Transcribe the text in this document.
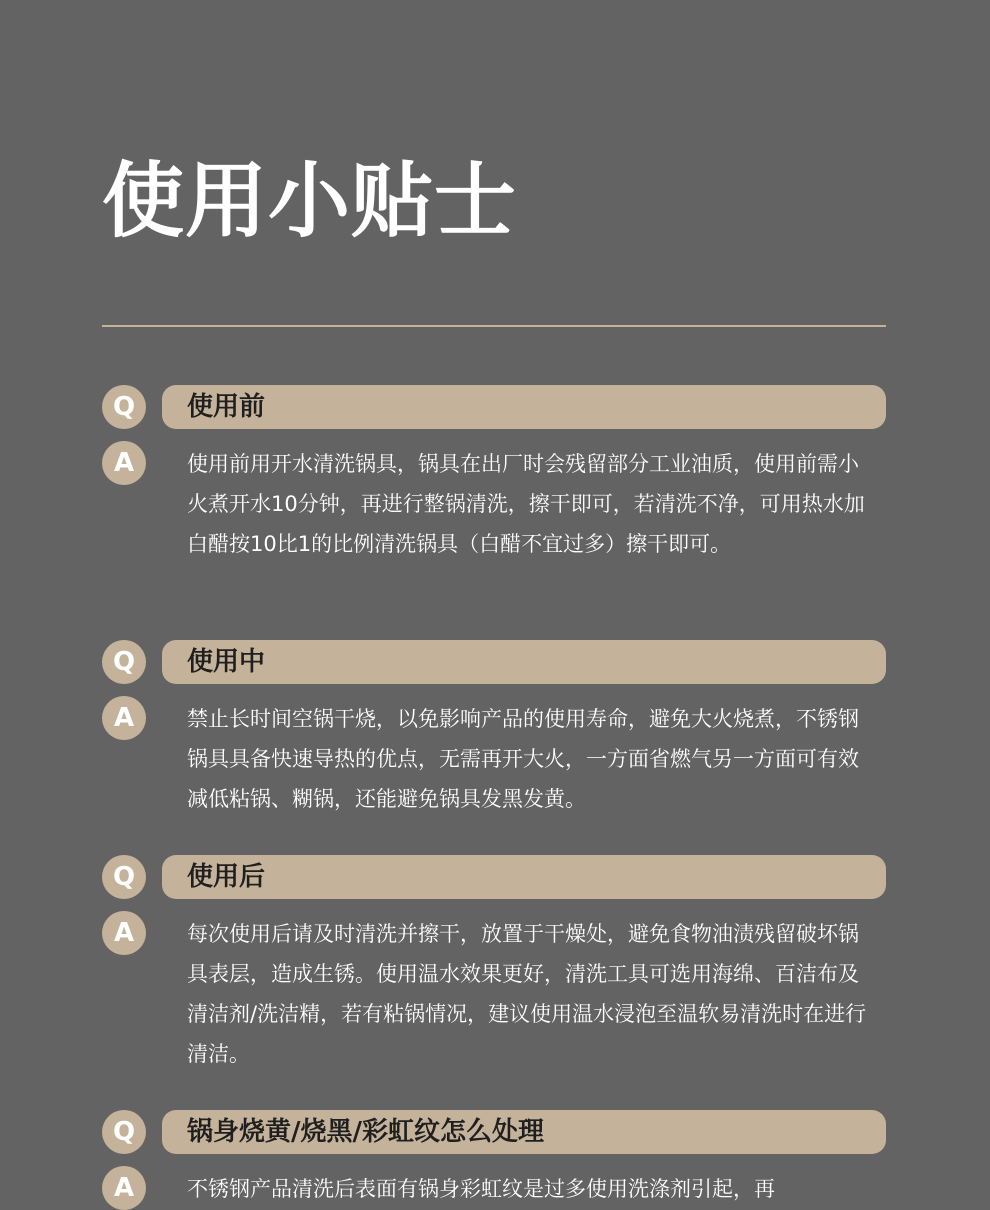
使用小贴士
Q	使用前
A	使用前用开水清洗锅具，锅具在出厂时会残留部分工业油质，使用前需小火煮开水10分钟，再进行整锅清洗，擦干即可，若清洗不净，可用热水加白醋按10比1的比例清洗锅具（白醋不宜过多）擦干即可。

Q	使用中
A	禁止长时间空锅干烧，以免影响产品的使用寿命，避免大火烧煮，不锈钢锅具具备快速导热的优点，无需再开大火，一方面省燃气另一方面可有效减低粘锅、糊锅，还能避免锅具发黑发黄。

Q	使用后
A	每次使用后请及时清洗并擦干，放置于干燥处，避免食物油渍残留破坏锅具表层，造成生锈。使用温水效果更好，清洗工具可选用海绵、百洁布及清洁剂/洗洁精，若有粘锅情况，建议使用温水浸泡至温软易清洗时在进行清洁。

Q	锅身烧黄/烧黑/彩虹纹怎么处理
A	不锈钢产品清洗后表面有锅身彩虹纹是过多使用洗涤剂引起，再
